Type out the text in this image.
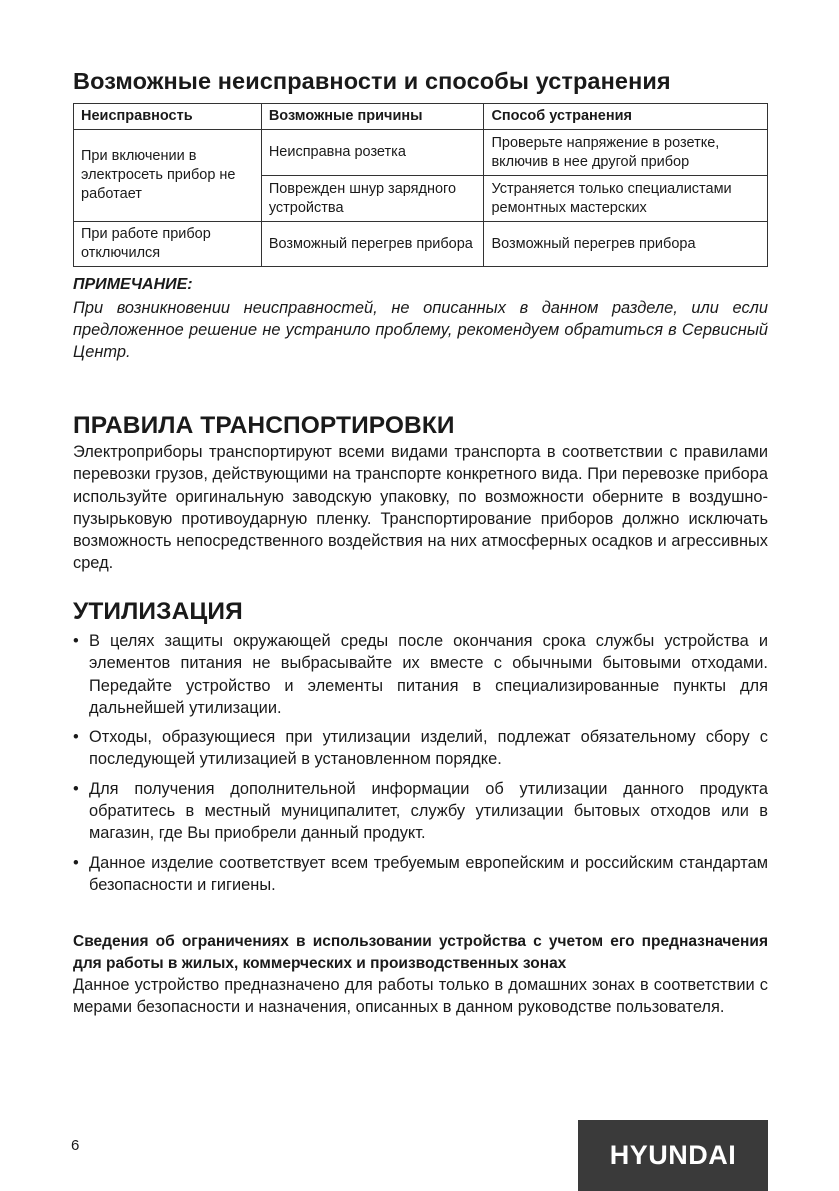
Возможные неисправности и способы устранения
Неисправность	Возможные причины	Способ устранения
При включении в электросеть прибор не работает	Неисправна розетка	Проверьте напряжение в розетке, включив в нее другой прибор
	Поврежден шнур зарядного устройства	Устраняется только специалистами ремонтных мастерских
При работе прибор отключился	Возможный перегрев прибора	Возможный перегрев прибора
ПРИМЕЧАНИЕ:
При возникновении неисправностей, не описанных в данном разделе, или если предложенное решение не устранило проблему, рекомендуем обратиться в Сервисный Центр.
ПРАВИЛА ТРАНСПОРТИРОВКИ
Электроприборы транспортируют всеми видами транспорта в соответствии с правилами перевозки грузов, действующими на транспорте конкретного вида. При перевозке прибора используйте оригинальную заводскую упаковку, по возможности оберните в воздушно-пузырьковую противоударную пленку. Транспортирование приборов должно исключать возможность непосредственного воздействия на них атмосферных осадков и агрессивных сред.
УТИЛИЗАЦИЯ
• В целях защиты окружающей среды после окончания срока службы устройства и элементов питания не выбрасывайте их вместе с обычными бытовыми отходами. Передайте устройство и элементы питания в специализированные пункты для дальнейшей утилизации.
• Отходы, образующиеся при утилизации изделий, подлежат обязательному сбору с последующей утилизацией в установленном порядке.
• Для получения дополнительной информации об утилизации данного продукта обратитесь в местный муниципалитет, службу утилизации бытовых отходов или в магазин, где Вы приобрели данный продукт.
• Данное изделие соответствует всем требуемым европейским и российским стандартам безопасности и гигиены.
Сведения об ограничениях в использовании устройства с учетом его предназначения для работы в жилых, коммерческих и производственных зонах
Данное устройство предназначено для работы только в домашних зонах в соответствии с мерами безопасности и назначения, описанных в данном руководстве пользователя.
6	HYUNDAI
